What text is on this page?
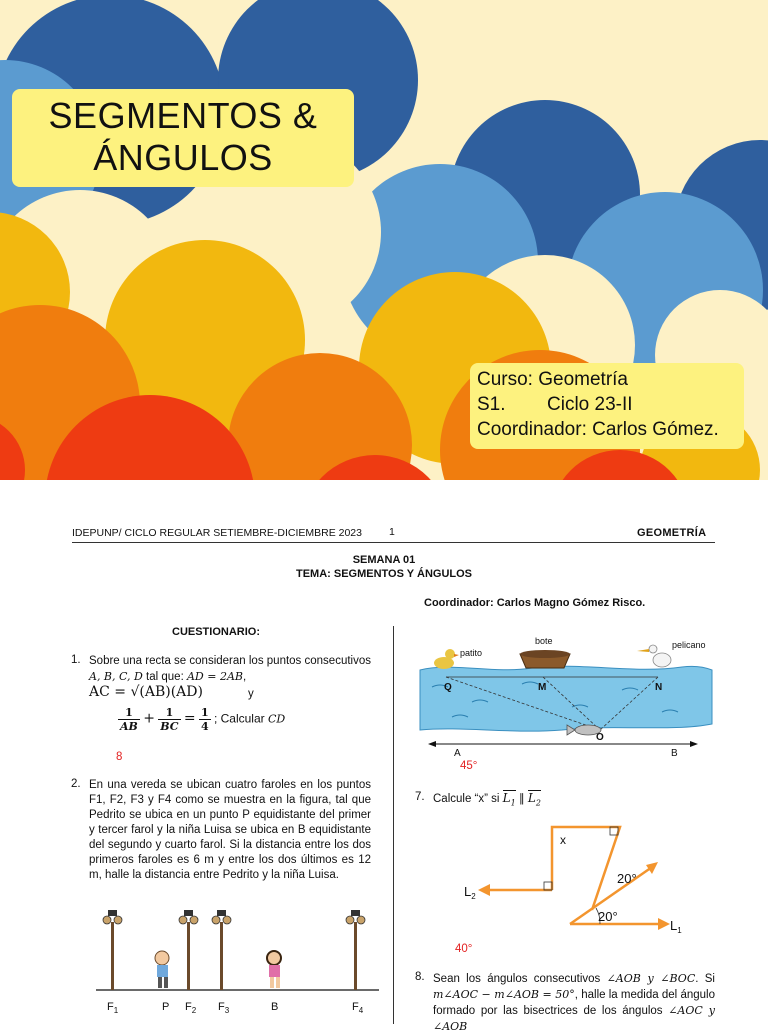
SEGMENTOS &
ÁNGULOS
Curso: Geometría
S1. Ciclo 23-II
Coordinador: Carlos Gómez.
IDEPUNP/ CICLO REGULAR SETIEMBRE-DICIEMBRE 2023	1	GEOMETRÍA
SEMANA 01
TEMA: SEGMENTOS Y ÁNGULOS
Coordinador: Carlos Magno Gómez Risco.
CUESTIONARIO:
1. Sobre una recta se consideran los puntos consecutivos A, B, C, D tal que: AD = 2AB,
AC = √(AB)(AD)	y
$\frac{1}{AB} + \frac{1}{BC} = \frac{1}{4}$ ; Calcular CD
8
2. En una vereda se ubican cuatro faroles en los puntos F1, F2, F3 y F4 como se muestra en la figura, tal que Pedrito se ubica en un punto P equidistante del primer y tercer farol y la niña Luisa se ubica en B equidistante del segundo y cuarto farol. Si la distancia entre los dos primeros faroles es 6 m y entre los dos últimos es 12 m, halle la distancia entre Pedrito y la niña Luisa.
$F_1$	P $F_2$ $F_3$	B	$F_4$
patito
bote	pelicano
Q	M	N
O
A	B
45°
7. Calcule “x” si $L_1$ ∥ $L_2$
x
20°
20°
$L_2$
$L_1$
40°
8. Sean los ángulos consecutivos ∠AOB y ∠BOC. Si m∠AOC − m∠AOB = 50°, halle la medida del ángulo formado por las bisectrices de los ángulos ∠AOC y ∠AOB
